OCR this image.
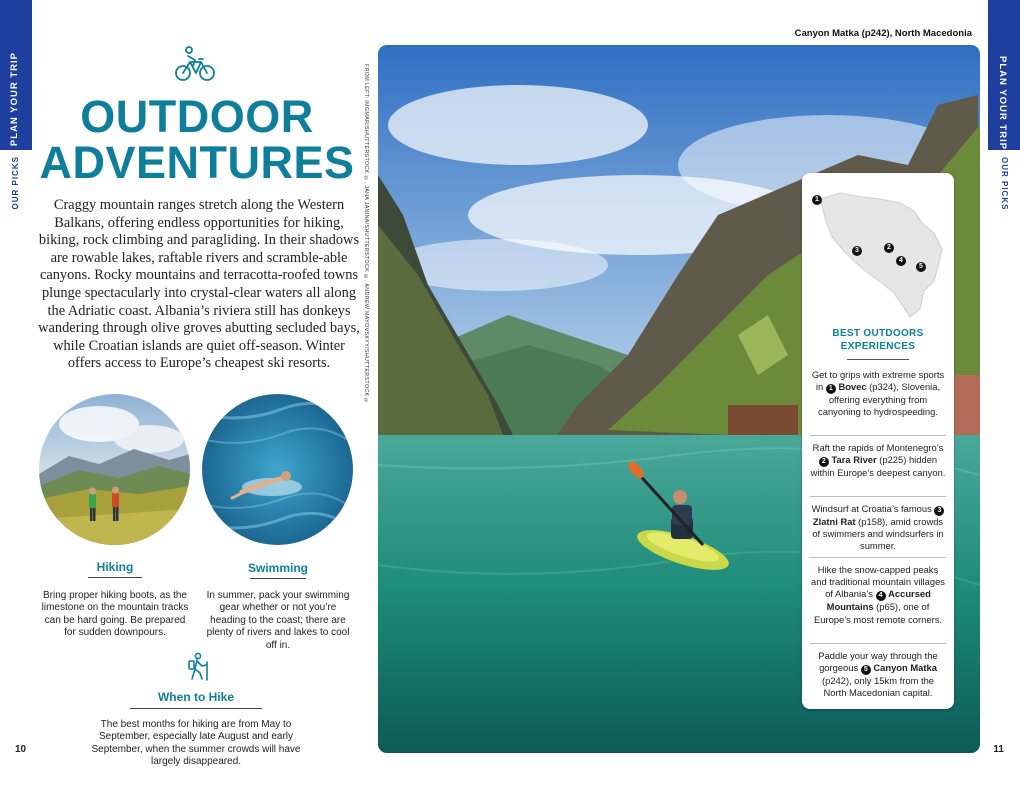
PLAN YOUR TRIP
OUR PICKS
PLAN YOUR TRIP
OUR PICKS
FROM LEFT: IMGMAR/SHUTTERSTOCK ©, JANA JANINA/SHUTTERSTOCK ©, ANDREW MAYOVSKYY/SHUTTERSTOCK ©
OUTDOOR
ADVENTURES

Craggy mountain ranges stretch along the Western Balkans, offering endless opportunities for hiking, biking, rock climbing and paragliding. In their shadows are rowable lakes, raftable rivers and scramble-able canyons. Rocky mountains and terracotta-roofed towns plunge spectacularly into crystal-clear waters all along the Adriatic coast. Albania’s riviera still has donkeys wandering through olive groves abutting secluded bays, while Croatian islands are quiet off-season. Winter offers access to Europe’s cheapest ski resorts.

Hiking
Bring proper hiking boots, as the limestone on the mountain tracks can be hard going. Be prepared for sudden downpours.
Swimming
In summer, pack your swimming gear whether or not you’re heading to the coast; there are plenty of rivers and lakes to cool off in.
When to Hike
The best months for hiking are from May to September, especially late August and early September, when the summer crowds will have largely disappeared.
10	11
Canyon Matka (p242), North Macedonia
1
2
3
4
5
BEST OUTDOORS
EXPERIENCES
Get to grips with extreme sports in 1 Bovec (p324), Slovenia, offering everything from canyoning to hydrospeeding.
Raft the rapids of Montenegro’s 2 Tara River (p225) hidden within Europe’s deepest canyon.
Windsurf at Croatia’s famous 3 Zlatni Rat (p158), amid crowds of swimmers and windsurfers in summer.
Hike the snow-capped peaks and traditional mountain villages of Albania’s 4 Accursed Mountains (p65), one of Europe’s most remote corners.
Paddle your way through the gorgeous 5 Canyon Matka (p242), only 15km from the North Macedonian capital.
